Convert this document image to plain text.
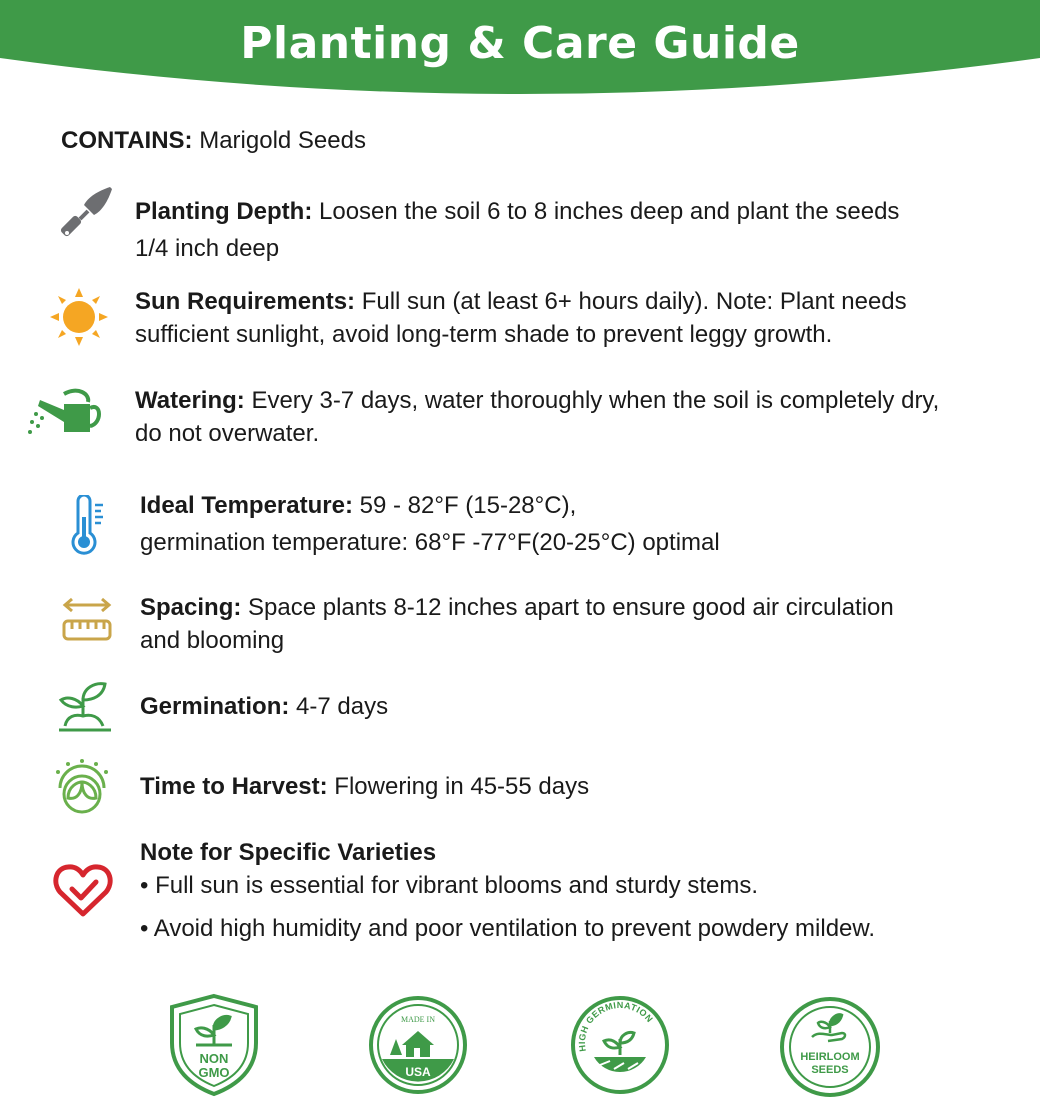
Planting & Care Guide
CONTAINS: Marigold Seeds
Planting Depth: Loosen the soil 6 to 8 inches deep and plant the seeds
1/4 inch deep
Sun Requirements: Full sun (at least 6+ hours daily). Note: Plant needs
sufficient sunlight, avoid long-term shade to prevent leggy growth.
Watering: Every 3-7 days, water thoroughly when the soil is completely dry,
do not overwater.
Ideal Temperature: 59 - 82°F (15-28°C),
germination temperature: 68°F -77°F(20-25°C) optimal
Spacing: Space plants 8-12 inches apart to ensure good air circulation
and blooming
Germination: 4-7 days
Time to Harvest: Flowering in 45-55 days
Note for Specific Varieties
• Full sun is essential for vibrant blooms and sturdy stems.
• Avoid high humidity and poor ventilation to prevent powdery mildew.
NON
GMO
MADE IN
USA
HIGH GERMINATION
HEIRLOOM
SEEDS
